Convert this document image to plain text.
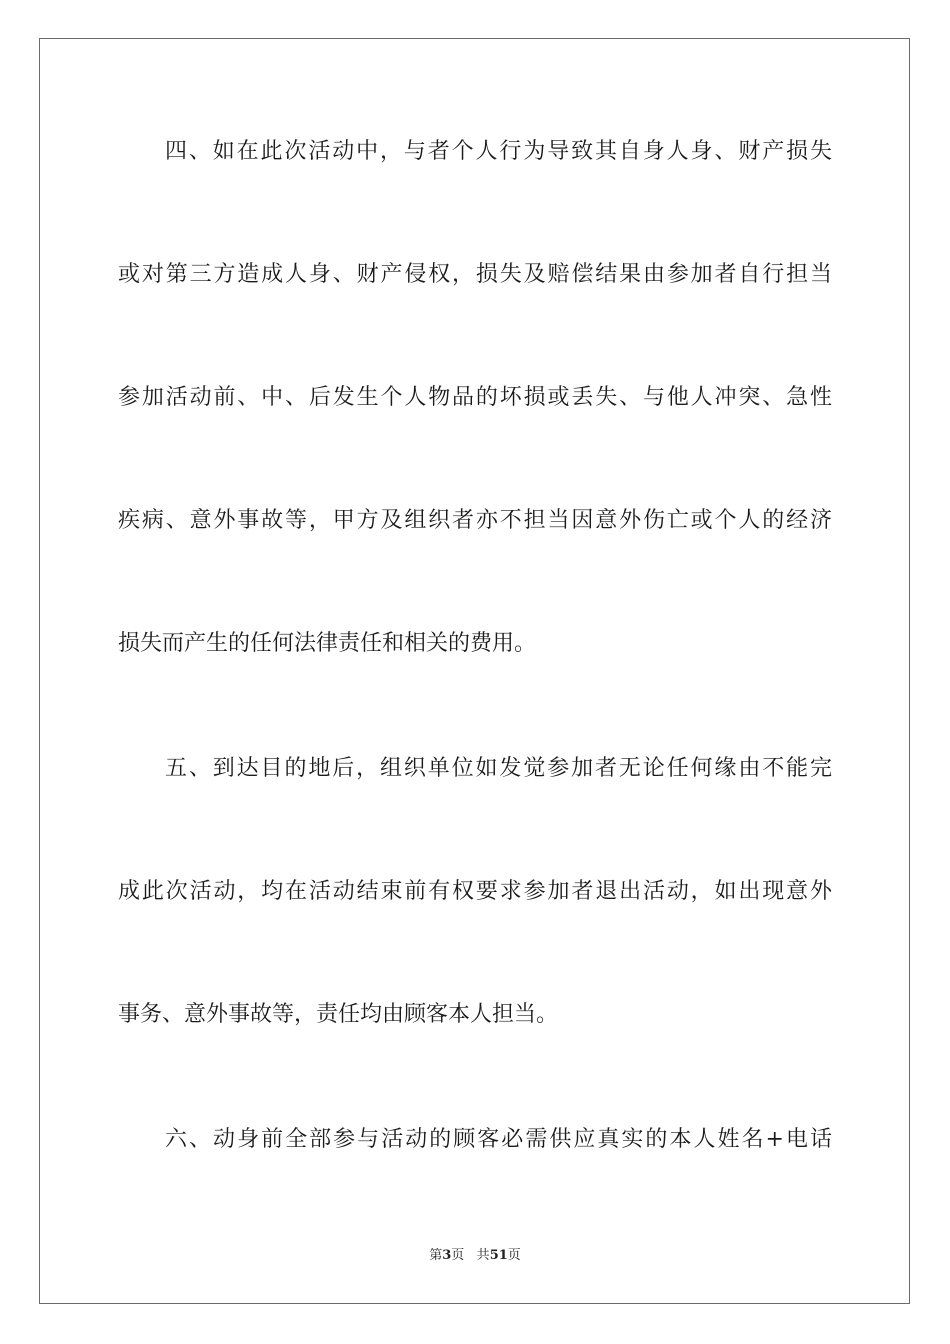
四、如在此次活动中，与者个人行为导致其自身人身、财产损失
或对第三方造成人身、财产侵权，损失及赔偿结果由参加者自行担当
参加活动前、中、后发生个人物品的坏损或丢失、与他人冲突、急性
疾病、意外事故等，甲方及组织者亦不担当因意外伤亡或个人的经济
损失而产生的任何法律责任和相关的费用。
五、到达目的地后，组织单位如发觉参加者无论任何缘由不能完
成此次活动，均在活动结束前有权要求参加者退出活动，如出现意外
事务、意外事故等，责任均由顾客本人担当。
六、动身前全部参与活动的顾客必需供应真实的本人姓名+电话
第3页 共51页
